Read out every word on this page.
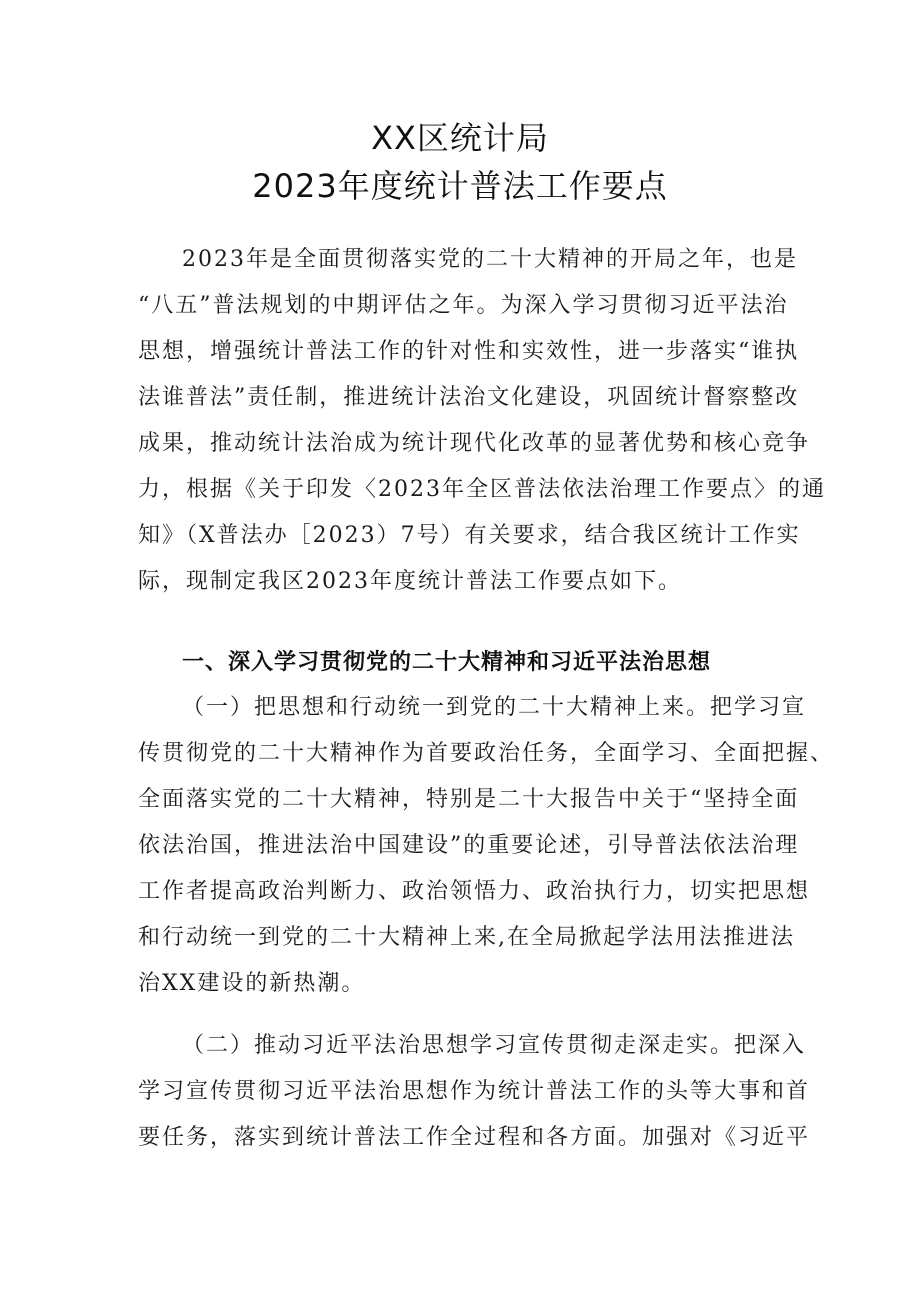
XX区统计局
2023年度统计普法工作要点
2023年是全面贯彻落实党的二十大精神的开局之年，也是
“八五”普法规划的中期评估之年。为深入学习贯彻习近平法治
思想，增强统计普法工作的针对性和实效性，进一步落实“谁执
法谁普法”责任制，推进统计法治文化建设，巩固统计督察整改
成果，推动统计法治成为统计现代化改革的显著优势和核心竞争
力，根据《关于印发〈2023年全区普法依法治理工作要点〉的通
知》（X普法办［2023）7号）有关要求，结合我区统计工作实
际，现制定我区2023年度统计普法工作要点如下。
一、深入学习贯彻党的二十大精神和习近平法治思想
（一）把思想和行动统一到党的二十大精神上来。把学习宣
传贯彻党的二十大精神作为首要政治任务，全面学习、全面把握、
全面落实党的二十大精神，特别是二十大报告中关于“坚持全面
依法治国，推进法治中国建设”的重要论述，引导普法依法治理
工作者提高政治判断力、政治领悟力、政治执行力，切实把思想
和行动统一到党的二十大精神上来,在全局掀起学法用法推进法
治XX建设的新热潮。
（二）推动习近平法治思想学习宣传贯彻走深走实。把深入
学习宣传贯彻习近平法治思想作为统计普法工作的头等大事和首
要任务，落实到统计普法工作全过程和各方面。加强对《习近平
